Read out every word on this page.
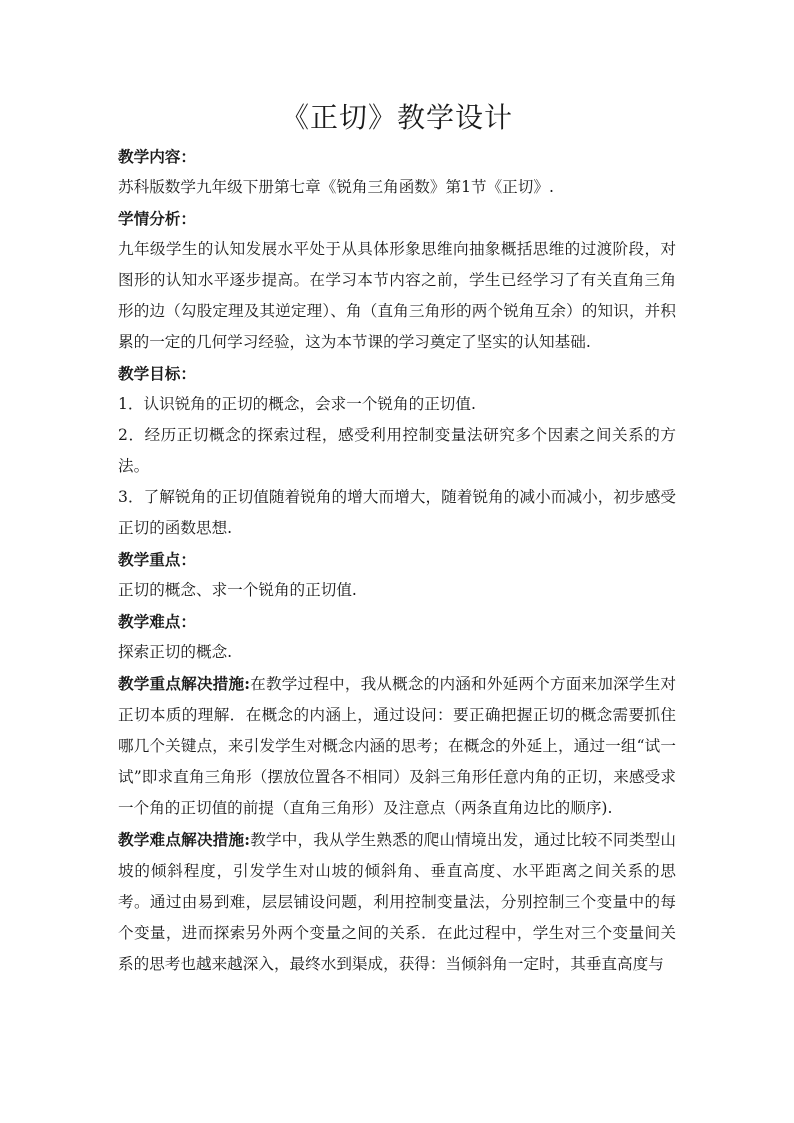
《正切》教学设计

教学内容：

苏科版数学九年级下册第七章《锐角三角函数》第1节《正切》.

学情分析：

九年级学生的认知发展水平处于从具体形象思维向抽象概括思维的过渡阶段，对图形的认知水平逐步提高。在学习本节内容之前，学生已经学习了有关直角三角形的边（勾股定理及其逆定理）、角（直角三角形的两个锐角互余）的知识，并积累的一定的几何学习经验，这为本节课的学习奠定了坚实的认知基础.

教学目标：

1．认识锐角的正切的概念，会求一个锐角的正切值.

2．经历正切概念的探索过程，感受利用控制变量法研究多个因素之间关系的方法。

3．了解锐角的正切值随着锐角的增大而增大，随着锐角的减小而减小，初步感受正切的函数思想.

教学重点：

正切的概念、求一个锐角的正切值.

教学难点：

探索正切的概念.

教学重点解决措施:在教学过程中，我从概念的内涵和外延两个方面来加深学生对正切本质的理解．在概念的内涵上，通过设问：要正确把握正切的概念需要抓住哪几个关键点，来引发学生对概念内涵的思考；在概念的外延上，通过一组“试一试”即求直角三角形（摆放位置各不相同）及斜三角形任意内角的正切，来感受求一个角的正切值的前提（直角三角形）及注意点（两条直角边比的顺序).

教学难点解决措施:教学中，我从学生熟悉的爬山情境出发，通过比较不同类型山坡的倾斜程度，引发学生对山坡的倾斜角、垂直高度、水平距离之间关系的思考。通过由易到难，层层铺设问题，利用控制变量法，分别控制三个变量中的每个变量，进而探索另外两个变量之间的关系．在此过程中，学生对三个变量间关系的思考也越来越深入，最终水到渠成，获得：当倾斜角一定时，其垂直高度与
